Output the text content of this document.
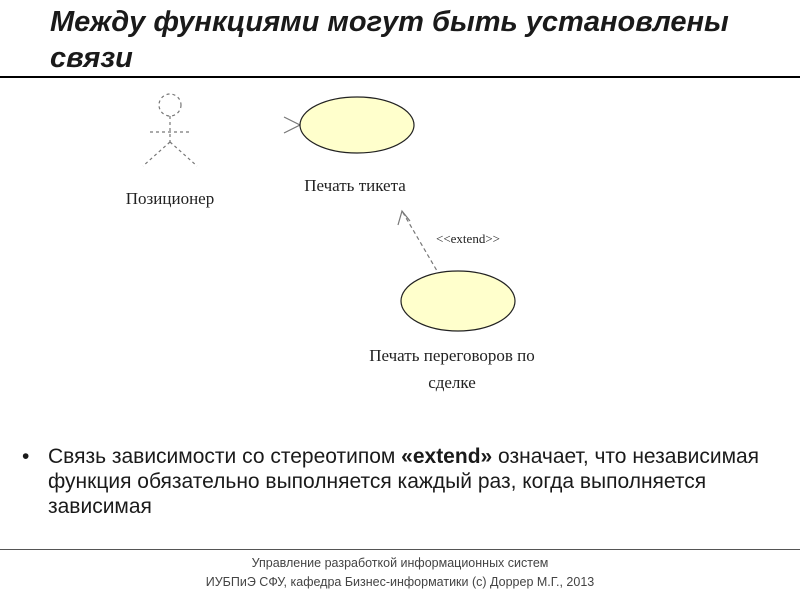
Между функциями могут быть установлены связи
Позиционер
Печать тикета
<<extend>>
Печать переговоров по
сделке
• Связь зависимости со стереотипом «extend» означает, что независимая функция обязательно выполняется каждый раз, когда выполняется зависимая
Управление разработкой информационных систем
ИУБПиЭ СФУ, кафедра Бизнес-информатики (c) Доррер М.Г., 2013
